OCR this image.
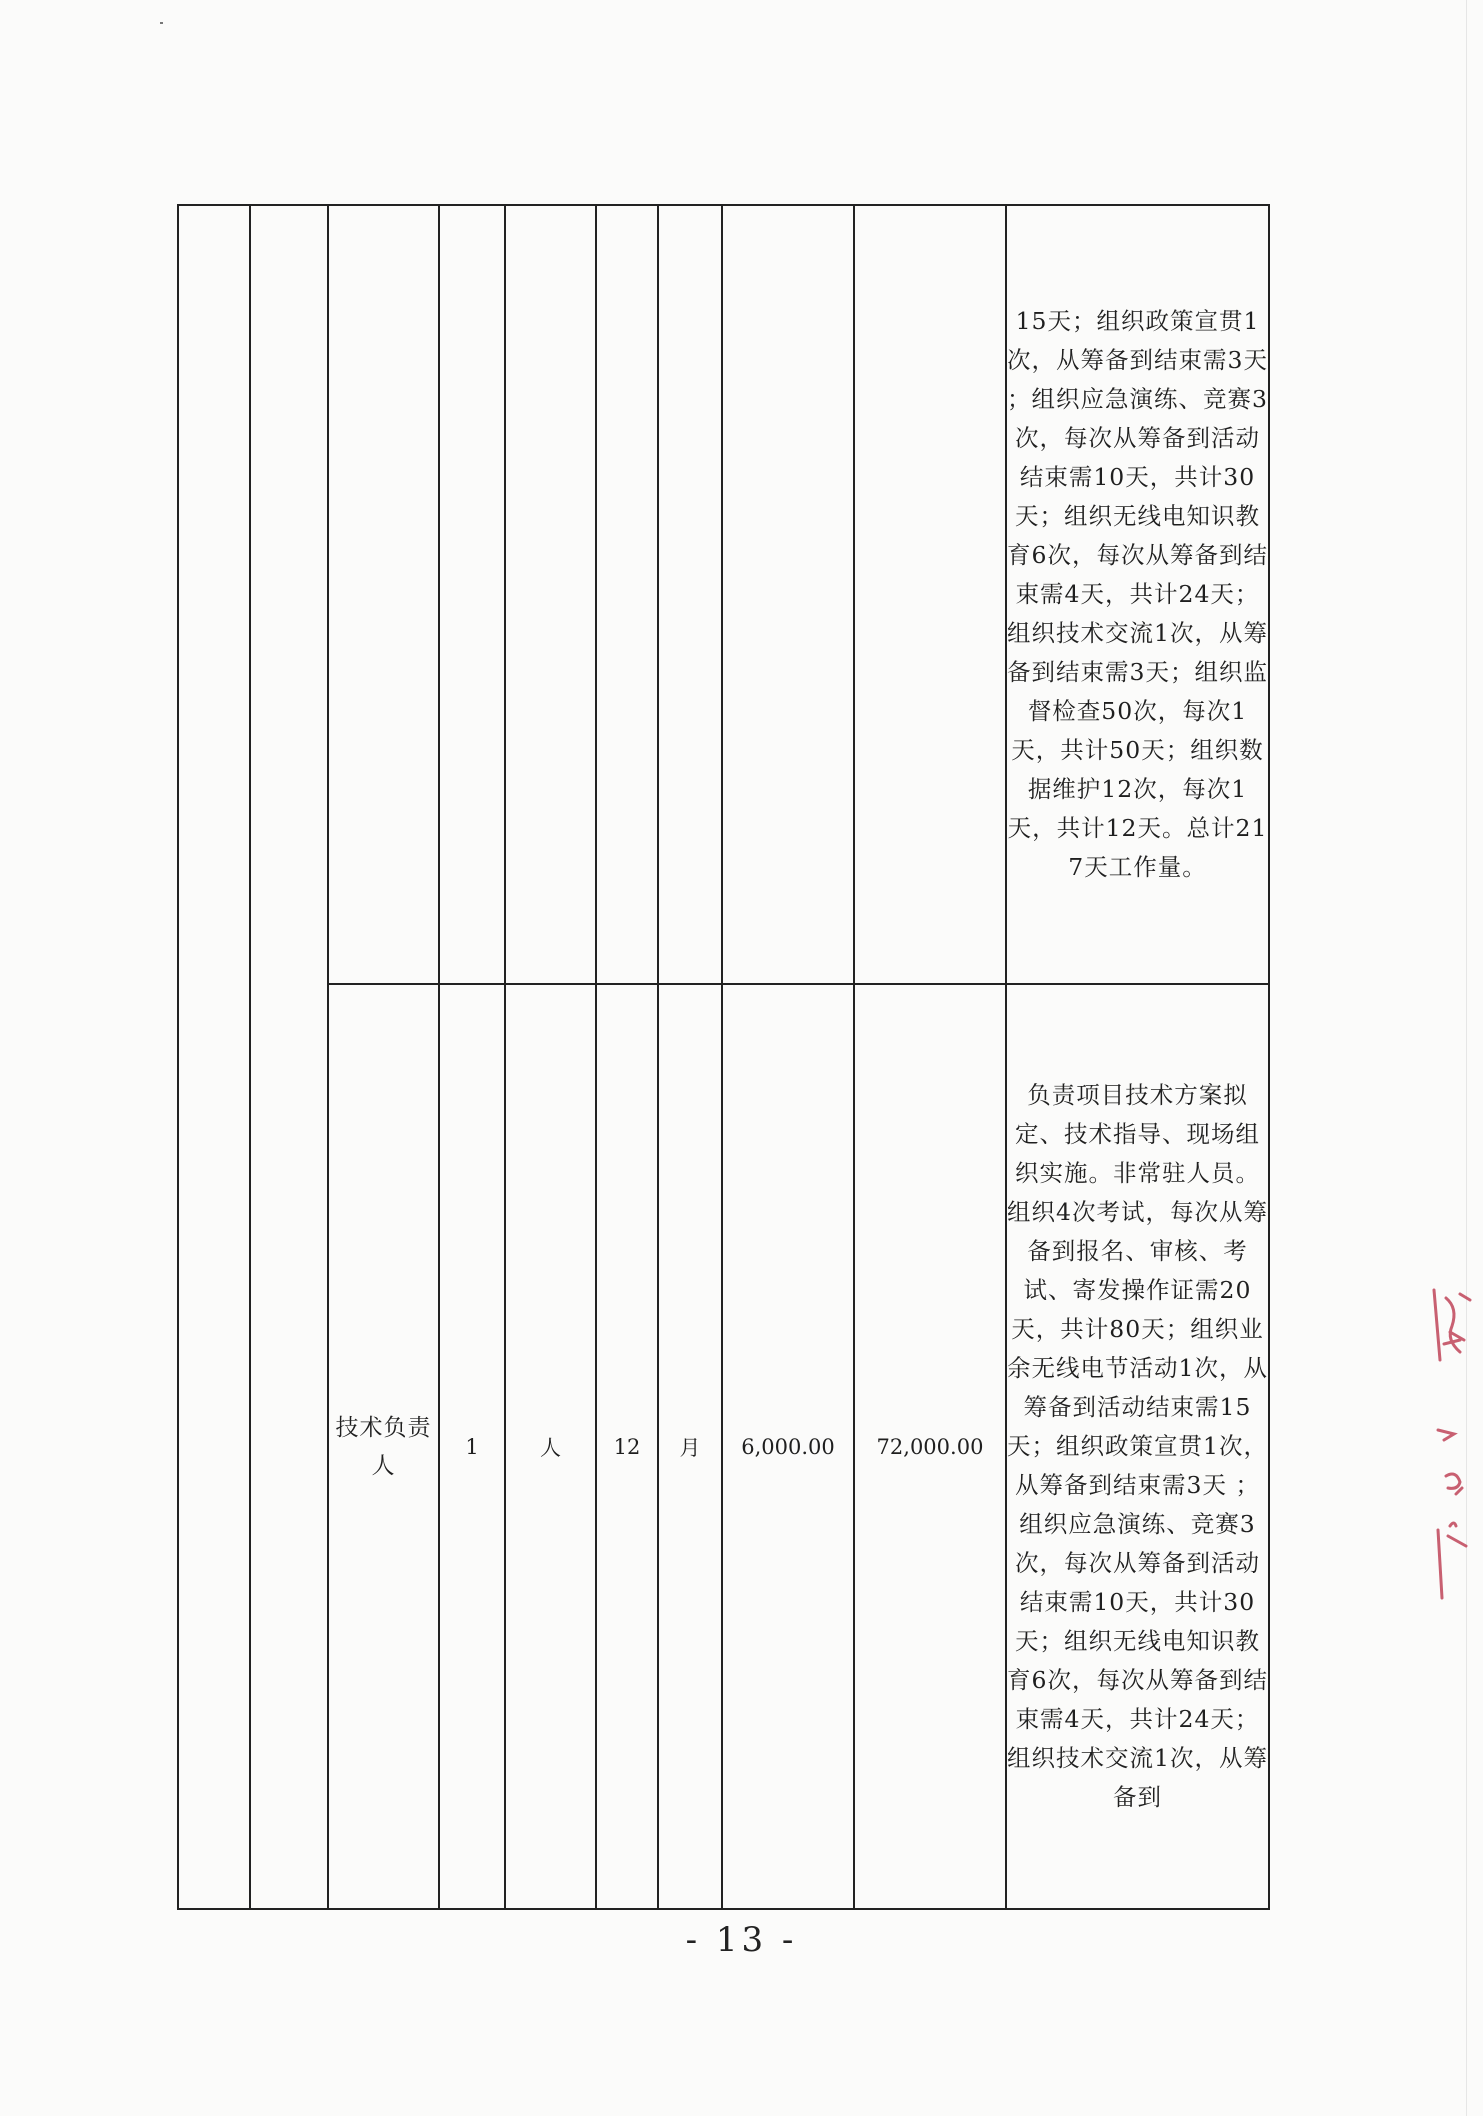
									15天；组织政策宣贯1次，从筹备到结束需3天 ；组织应急演练、竞赛3次，每次从筹备到活动结束需10天，共计30天；组织无线电知识教育6次，每次从筹备到结束需4天，共计24天；组织技术交流1次，从筹备到结束需3天；组织监督检查50次，每次1天，共计50天；组织数据维护12次，每次1天，共计12天。总计217天工作量。
		技术负责人	1	人	12	月	6,000.00	72,000.00	负责项目技术方案拟定、技术指导、现场组织实施。非常驻人员。组织4次考试，每次从筹备到报名、审核、考试、寄发操作证需20天，共计80天；组织业余无线电节活动1次，从筹备到活动结束需15天；组织政策宣贯1次，从筹备到结束需3天 ；组织应急演练、竞赛3次，每次从筹备到活动结束需10天，共计30天；组织无线电知识教育6次，每次从筹备到结束需4天，共计24天；组织技术交流1次，从筹备到
- 13 -
